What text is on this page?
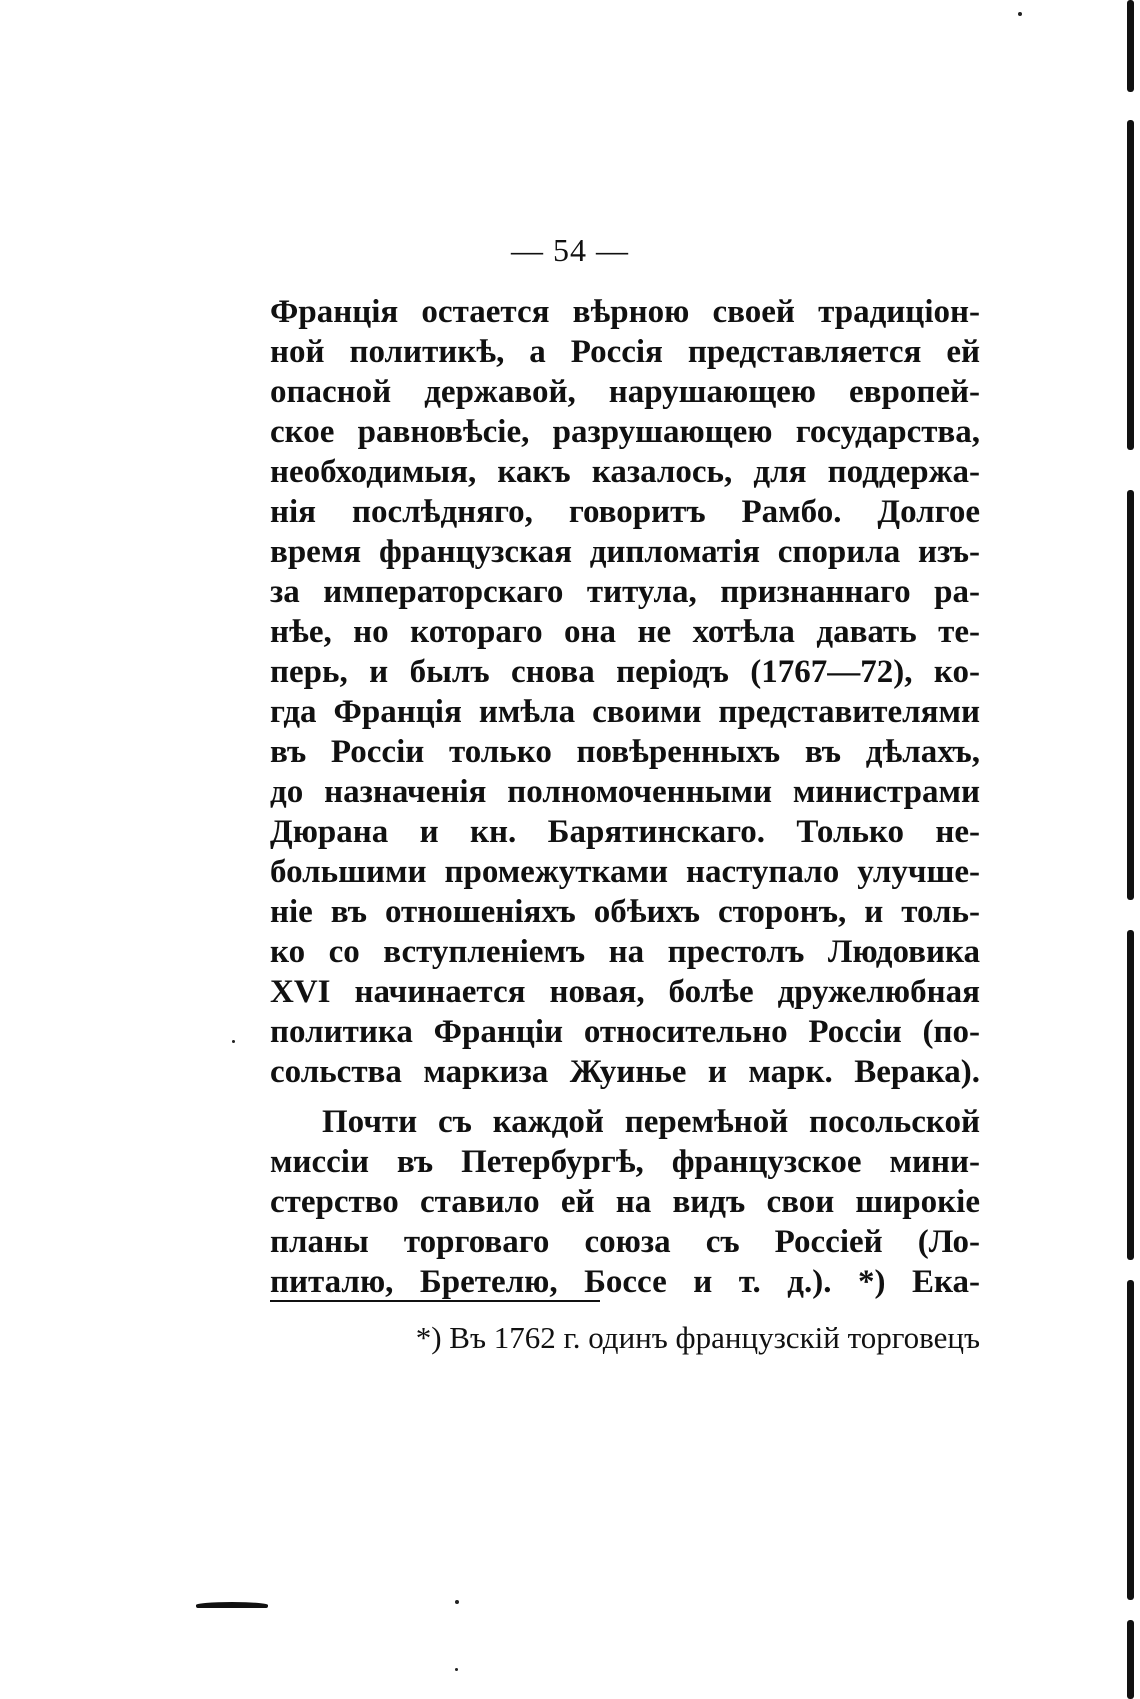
— 54 —
Францiя остается вѣрною своей традицiон-
ной политикѣ, а Россiя представляется ей
опасной державой, нарушающею европей-
ское равновѣсiе, разрушающею государства,
необходимыя, какъ казалось, для поддержа-
нiя послѣдняго, говоритъ Рамбо. Долгое
время французская дипломатiя спорила изъ-
за императорскаго титула, признаннаго ра-
нѣе, но котораго она не хотѣла давать те-
перь, и былъ снова перiодъ (1767—72), ко-
гда Францiя имѣла своими представителями
въ Россiи только повѣренныхъ въ дѣлахъ,
до назначенiя полномоченными министрами
Дюрана и кн. Барятинскаго. Только не-
большими промежутками наступало улучше-
нiе въ отношенiяхъ обѣихъ сторонъ, и толь-
ко со вступленiемъ на престолъ Людовика
XVI начинается новая, болѣе дружелюбная
политика Францiи относительно Россiи (по-
сольства маркиза Жуинье и марк. Верака).
Почти съ каждой перемѣной посольской
миссiи въ Петербургѣ, французское мини-
стерство ставило ей на видъ свои широкiе
планы торговаго союза съ Россiей (Ло-
питалю, Бретелю, Боссе и т. д.). *) Ека-
*) Въ 1762 г. одинъ французскiй торговецъ
